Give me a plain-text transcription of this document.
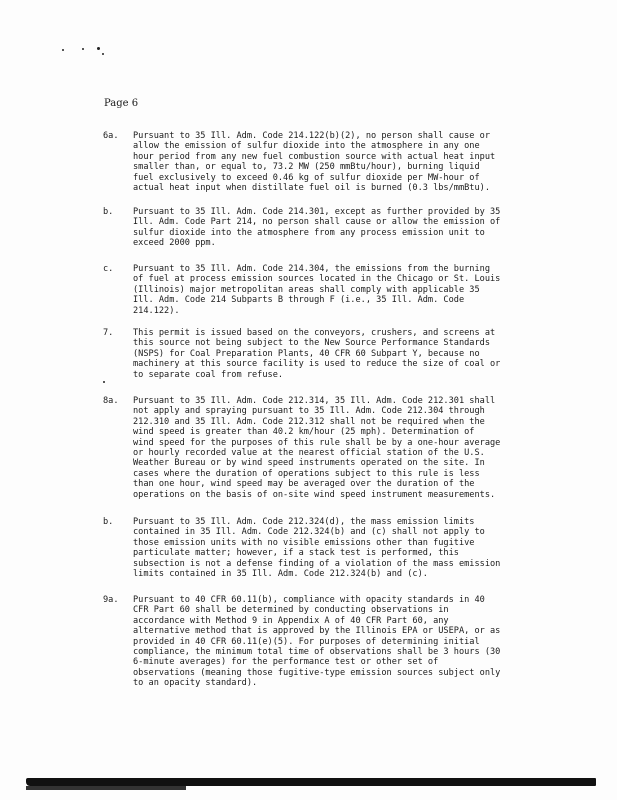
Page 6
6a. Pursuant to 35 Ill. Adm. Code 214.122(b)(2), no person shall cause or
allow the emission of sulfur dioxide into the atmosphere in any one
hour period from any new fuel combustion source with actual heat input
smaller than, or equal to, 73.2 MW (250 mmBtu/hour), burning liquid
fuel exclusively to exceed 0.46 kg of sulfur dioxide per MW-hour of
actual heat input when distillate fuel oil is burned (0.3 lbs/mmBtu).
b. Pursuant to 35 Ill. Adm. Code 214.301, except as further provided by 35
Ill. Adm. Code Part 214, no person shall cause or allow the emission of
sulfur dioxide into the atmosphere from any process emission unit to
exceed 2000 ppm.
c. Pursuant to 35 Ill. Adm. Code 214.304, the emissions from the burning
of fuel at process emission sources located in the Chicago or St. Louis
(Illinois) major metropolitan areas shall comply with applicable 35
Ill. Adm. Code 214 Subparts B through F (i.e., 35 Ill. Adm. Code
214.122).
7. This permit is issued based on the conveyors, crushers, and screens at
this source not being subject to the New Source Performance Standards
(NSPS) for Coal Preparation Plants, 40 CFR 60 Subpart Y, because no
machinery at this source facility is used to reduce the size of coal or
to separate coal from refuse.
8a. Pursuant to 35 Ill. Adm. Code 212.314, 35 Ill. Adm. Code 212.301 shall
not apply and spraying pursuant to 35 Ill. Adm. Code 212.304 through
212.310 and 35 Ill. Adm. Code 212.312 shall not be required when the
wind speed is greater than 40.2 km/hour (25 mph). Determination of
wind speed for the purposes of this rule shall be by a one-hour average
or hourly recorded value at the nearest official station of the U.S.
Weather Bureau or by wind speed instruments operated on the site. In
cases where the duration of operations subject to this rule is less
than one hour, wind speed may be averaged over the duration of the
operations on the basis of on-site wind speed instrument measurements.
b. Pursuant to 35 Ill. Adm. Code 212.324(d), the mass emission limits
contained in 35 Ill. Adm. Code 212.324(b) and (c) shall not apply to
those emission units with no visible emissions other than fugitive
particulate matter; however, if a stack test is performed, this
subsection is not a defense finding of a violation of the mass emission
limits contained in 35 Ill. Adm. Code 212.324(b) and (c).
9a. Pursuant to 40 CFR 60.11(b), compliance with opacity standards in 40
CFR Part 60 shall be determined by conducting observations in
accordance with Method 9 in Appendix A of 40 CFR Part 60, any
alternative method that is approved by the Illinois EPA or USEPA, or as
provided in 40 CFR 60.11(e)(5). For purposes of determining initial
compliance, the minimum total time of observations shall be 3 hours (30
6-minute averages) for the performance test or other set of
observations (meaning those fugitive-type emission sources subject only
to an opacity standard).
